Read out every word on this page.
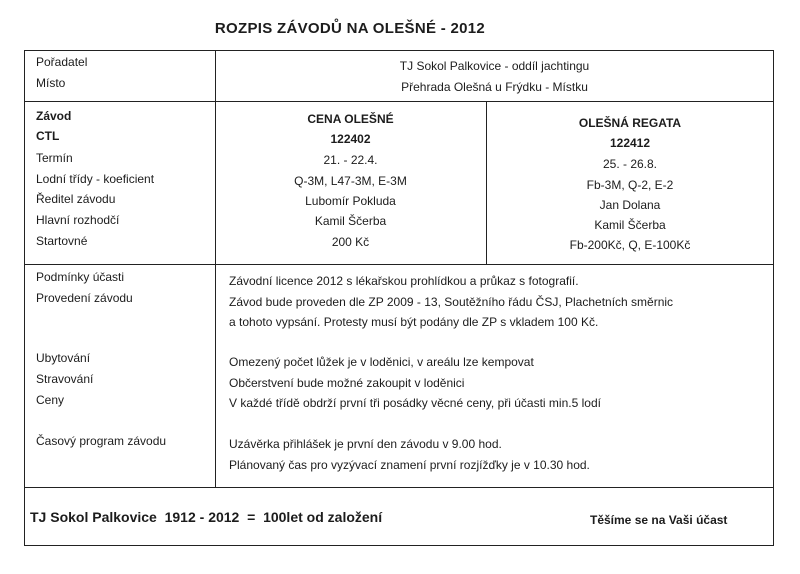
ROZPIS ZÁVODŮ NA OLEŠNÉ - 2012
Pořadatel
Místo
TJ Sokol Palkovice - oddíl jachtingu
Přehrada Olešná u Frýdku - Místku
Závod
CTL
Termín
Lodní třídy - koeficient
Ředitel závodu
Hlavní rozhodčí
Startovné
CENA OLEŠNÉ
122402
21. - 22.4.
Q-3M, L47-3M, E-3M
Lubomír Pokluda
Kamil Ščerba
200 Kč
OLEŠNÁ REGATA
122412
25. - 26.8.
Fb-3M, Q-2, E-2
Jan Dolana
Kamil Ščerba
Fb-200Kč, Q, E-100Kč
Podmínky účasti
Provedení závodu
Ubytování
Stravování
Ceny
Časový program závodu
Závodní licence 2012 s lékařskou prohlídkou a průkaz s fotografií.
Závod bude proveden dle ZP 2009 - 13, Soutěžního řádu ČSJ, Plachetních směrnic
a tohoto vypsání. Protesty musí být podány dle ZP s vkladem 100 Kč.
Omezený počet lůžek je v loděnici, v areálu lze kempovat
Občerstvení bude možné zakoupit v loděnici
V každé třídě obdrží první tři posádky věcné ceny, při účasti min.5 lodí
Uzávěrka přihlášek je první den závodu v 9.00 hod.
Plánovaný čas pro vyzývací znamení první rozjížďky je v 10.30 hod.
TJ Sokol Palkovice  1912 - 2012  =  100let od založení	Těšíme se na Vaši účast
